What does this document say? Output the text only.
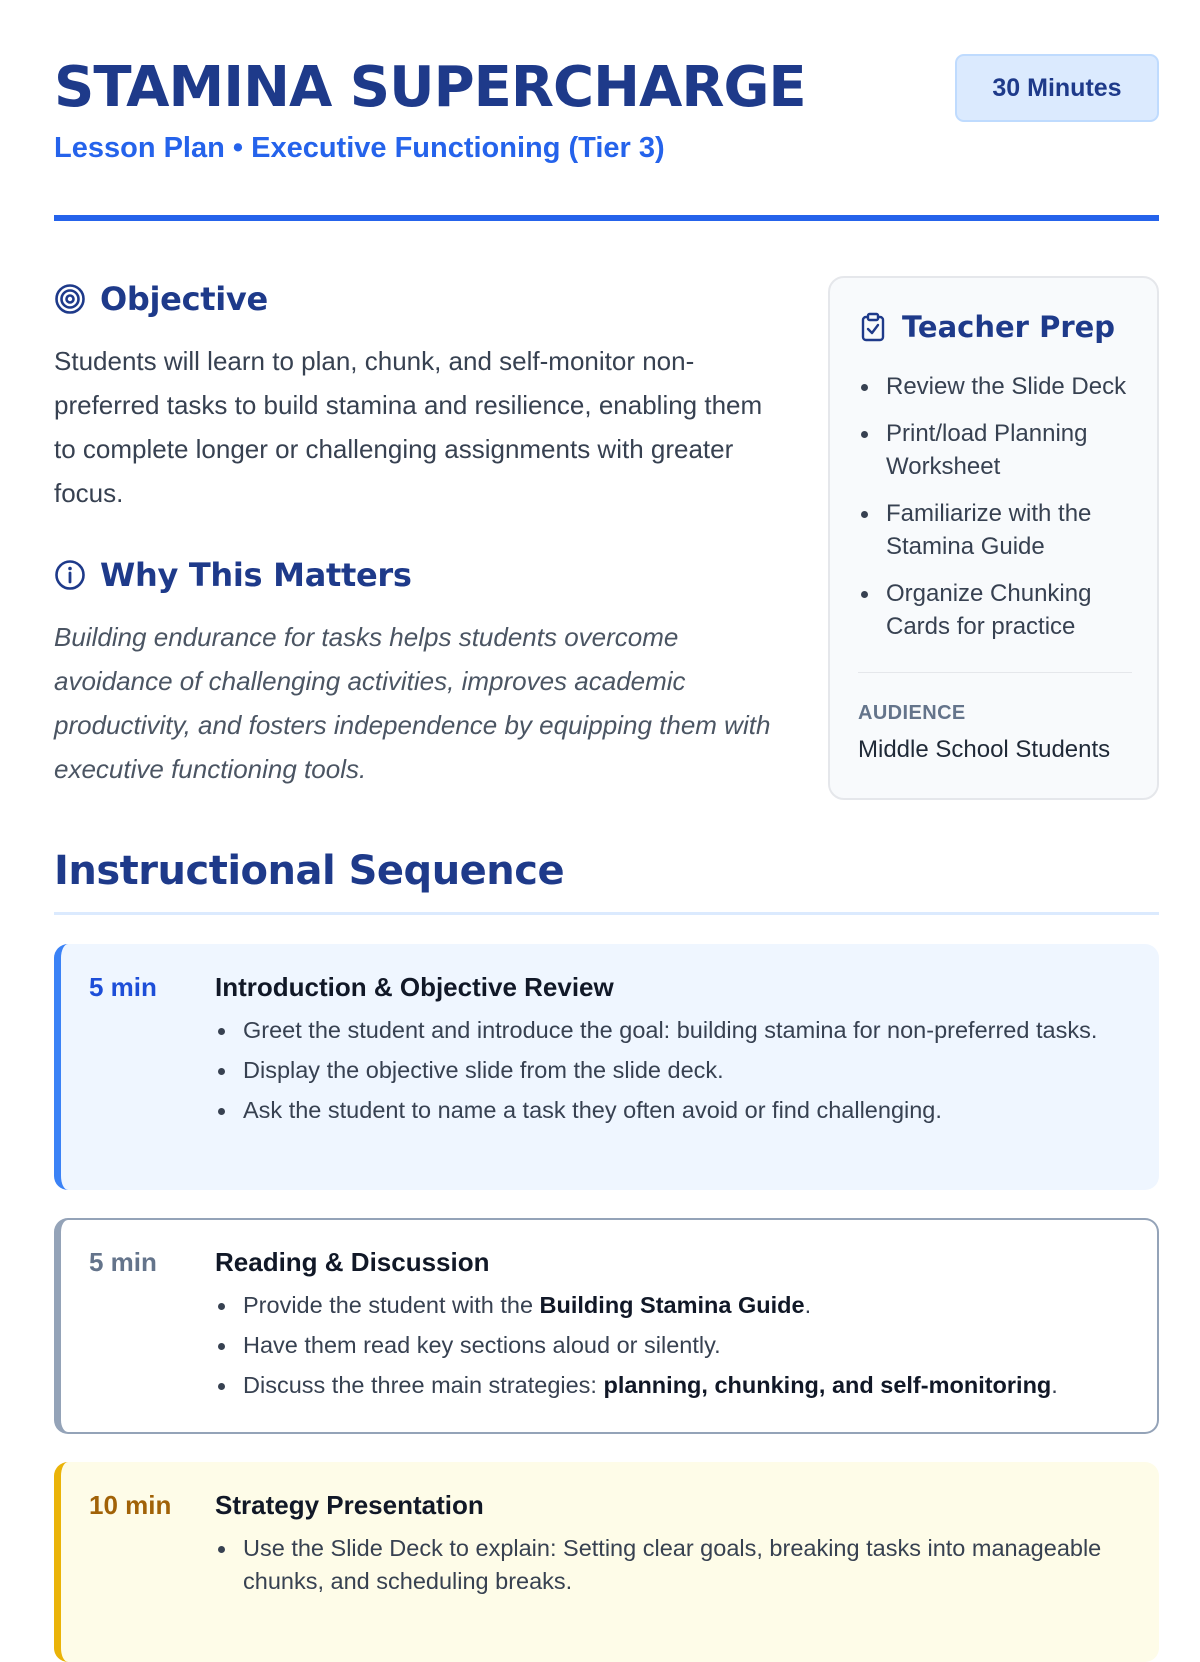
STAMINA SUPERCHARGE
Lesson Plan • Executive Functioning (Tier 3)
30 Minutes
Objective

Students will learn to plan, chunk, and self-monitor non-preferred tasks to build stamina and resilience, enabling them to complete longer or challenging assignments with greater focus.

Why This Matters

Building endurance for tasks helps students overcome avoidance of challenging activities, improves academic productivity, and fosters independence by equipping them with executive functioning tools.

Teacher Prep
Review the Slide Deck
Print/load Planning Worksheet
Familiarize with the Stamina Guide
Organize Chunking Cards for practice
AUDIENCE
Middle School Students
Instructional Sequence
5 min Introduction & Objective Review
Greet the student and introduce the goal: building stamina for non-preferred tasks.
Display the objective slide from the slide deck.
Ask the student to name a task they often avoid or find challenging.
5 min Reading & Discussion
Provide the student with the Building Stamina Guide.
Have them read key sections aloud or silently.
Discuss the three main strategies: planning, chunking, and self-monitoring.
10 min Strategy Presentation
Use the Slide Deck to explain: Setting clear goals, breaking tasks into manageable chunks, and scheduling breaks.
